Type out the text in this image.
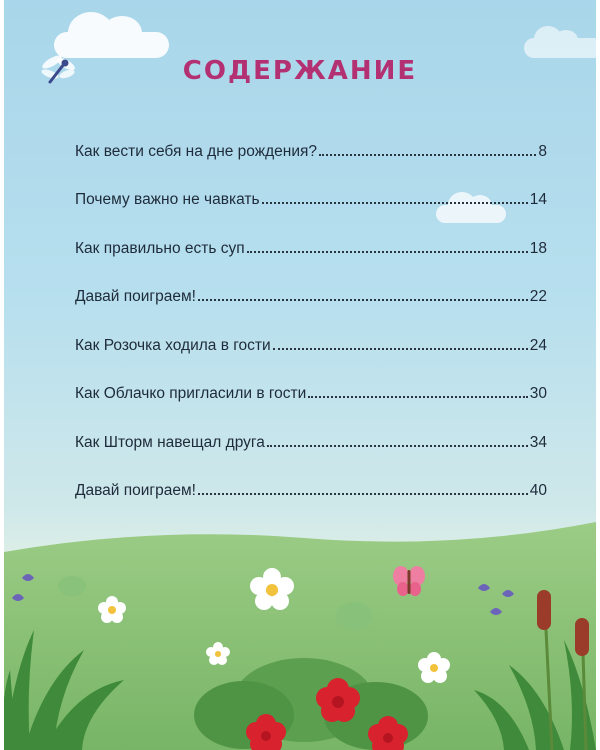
СОДЕРЖАНИЕ
Как вести себя на дне рождения?	8
Почему важно не чавкать	14
Как правильно есть суп	18
Давай поиграем!	22
Как Розочка ходила в гости	24
Как Облачко пригласили в гости	30
Как Шторм навещал друга	34
Давай поиграем!	40
